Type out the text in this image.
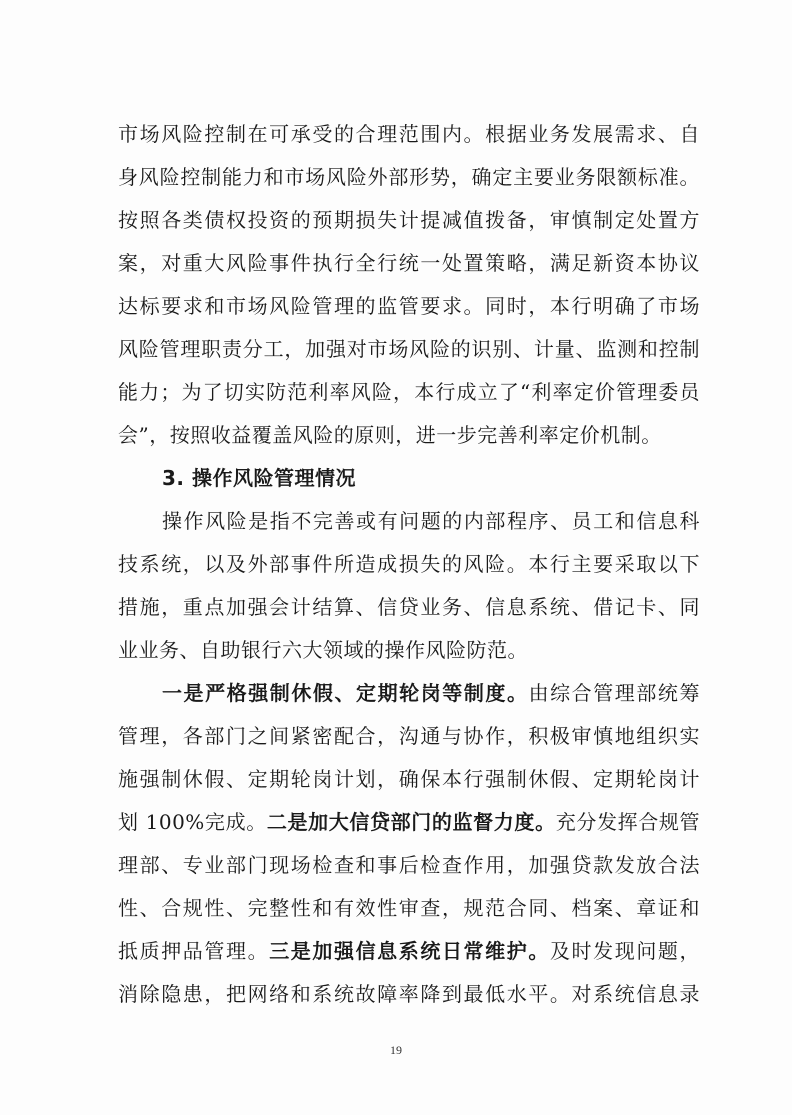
市场风险控制在可承受的合理范围内。根据业务发展需求、自
身风险控制能力和市场风险外部形势，确定主要业务限额标准。
按照各类债权投资的预期损失计提减值拨备，审慎制定处置方
案，对重大风险事件执行全行统一处置策略，满足新资本协议
达标要求和市场风险管理的监管要求。同时，本行明确了市场
风险管理职责分工，加强对市场风险的识别、计量、监测和控制
能力；为了切实防范利率风险，本行成立了“利率定价管理委员
会”，按照收益覆盖风险的原则，进一步完善利率定价机制。
3. 操作风险管理情况
操作风险是指不完善或有问题的内部程序、员工和信息科
技系统，以及外部事件所造成损失的风险。本行主要采取以下
措施，重点加强会计结算、信贷业务、信息系统、借记卡、同
业业务、自助银行六大领域的操作风险防范。
一是严格强制休假、定期轮岗等制度。由综合管理部统筹
管理，各部门之间紧密配合，沟通与协作，积极审慎地组织实
施强制休假、定期轮岗计划，确保本行强制休假、定期轮岗计
划 100%完成。二是加大信贷部门的监督力度。充分发挥合规管
理部、专业部门现场检查和事后检查作用，加强贷款发放合法
性、合规性、完整性和有效性审查，规范合同、档案、章证和
抵质押品管理。三是加强信息系统日常维护。及时发现问题，
消除隐患，把网络和系统故障率降到最低水平。对系统信息录
19
